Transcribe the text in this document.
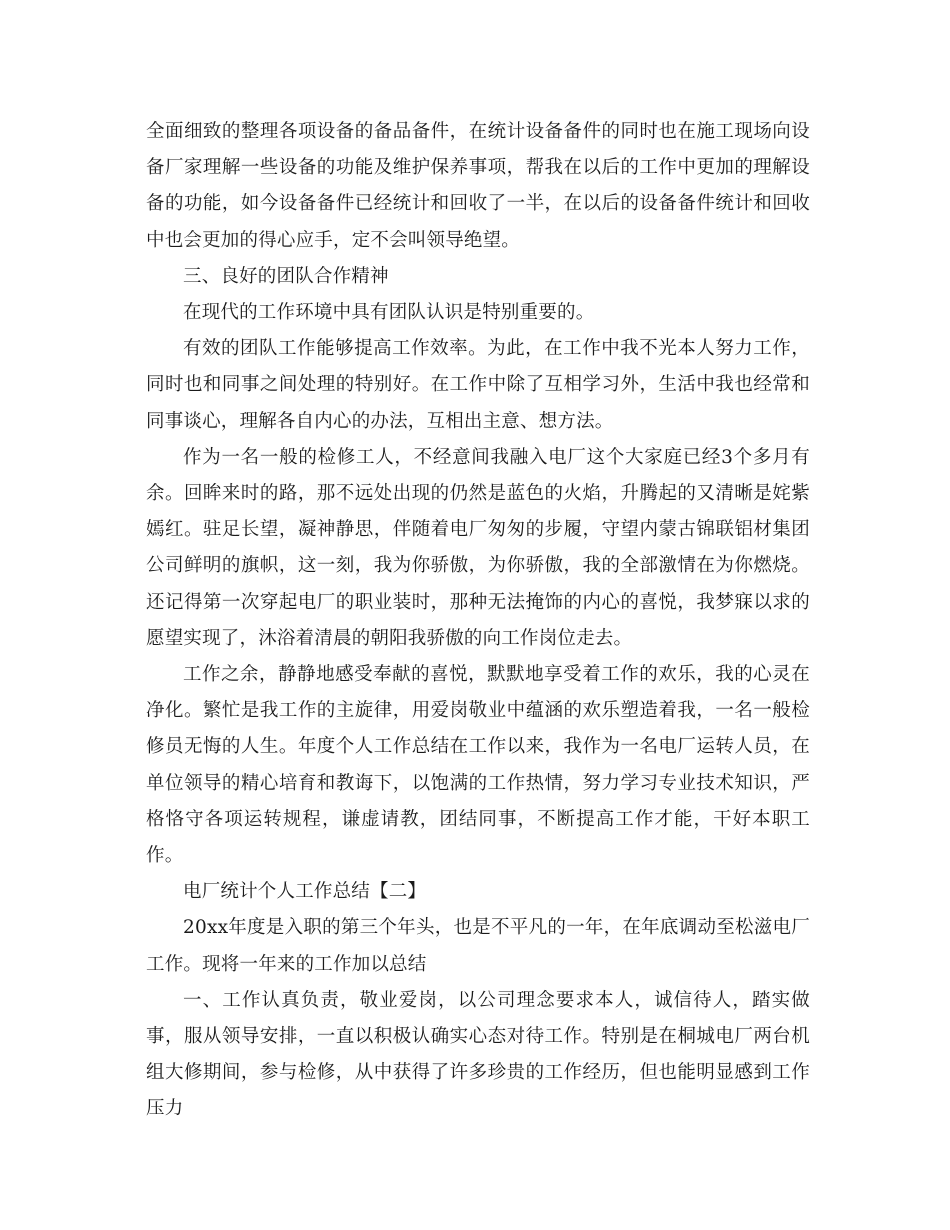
全面细致的整理各项设备的备品备件，在统计设备备件的同时也在施工现场向设备厂家理解一些设备的功能及维护保养事项，帮我在以后的工作中更加的理解设备的功能，如今设备备件已经统计和回收了一半，在以后的设备备件统计和回收中也会更加的得心应手，定不会叫领导绝望。

三、良好的团队合作精神

在现代的工作环境中具有团队认识是特别重要的。

有效的团队工作能够提高工作效率。为此，在工作中我不光本人努力工作，同时也和同事之间处理的特别好。在工作中除了互相学习外，生活中我也经常和同事谈心，理解各自内心的办法，互相出主意、想方法。

作为一名一般的检修工人，不经意间我融入电厂这个大家庭已经3个多月有余。回眸来时的路，那不远处出现的仍然是蓝色的火焰，升腾起的又清晰是姹紫嫣红。驻足长望，凝神静思，伴随着电厂匆匆的步履，守望内蒙古锦联铝材集团公司鲜明的旗帜，这一刻，我为你骄傲，为你骄傲，我的全部激情在为你燃烧。还记得第一次穿起电厂的职业装时，那种无法掩饰的内心的喜悦，我梦寐以求的愿望实现了，沐浴着清晨的朝阳我骄傲的向工作岗位走去。

工作之余，静静地感受奉献的喜悦，默默地享受着工作的欢乐，我的心灵在净化。繁忙是我工作的主旋律，用爱岗敬业中蕴涵的欢乐塑造着我，一名一般检修员无悔的人生。年度个人工作总结在工作以来，我作为一名电厂运转人员，在单位领导的精心培育和教诲下，以饱满的工作热情，努力学习专业技术知识，严格恪守各项运转规程，谦虚请教，团结同事，不断提高工作才能，干好本职工作。

电厂统计个人工作总结【二】

20xx年度是入职的第三个年头，也是不平凡的一年，在年底调动至松滋电厂工作。现将一年来的工作加以总结

一、工作认真负责，敬业爱岗，以公司理念要求本人，诚信待人，踏实做事，服从领导安排，一直以积极认确实心态对待工作。特别是在桐城电厂两台机组大修期间，参与检修，从中获得了许多珍贵的工作经历，但也能明显感到工作压力
